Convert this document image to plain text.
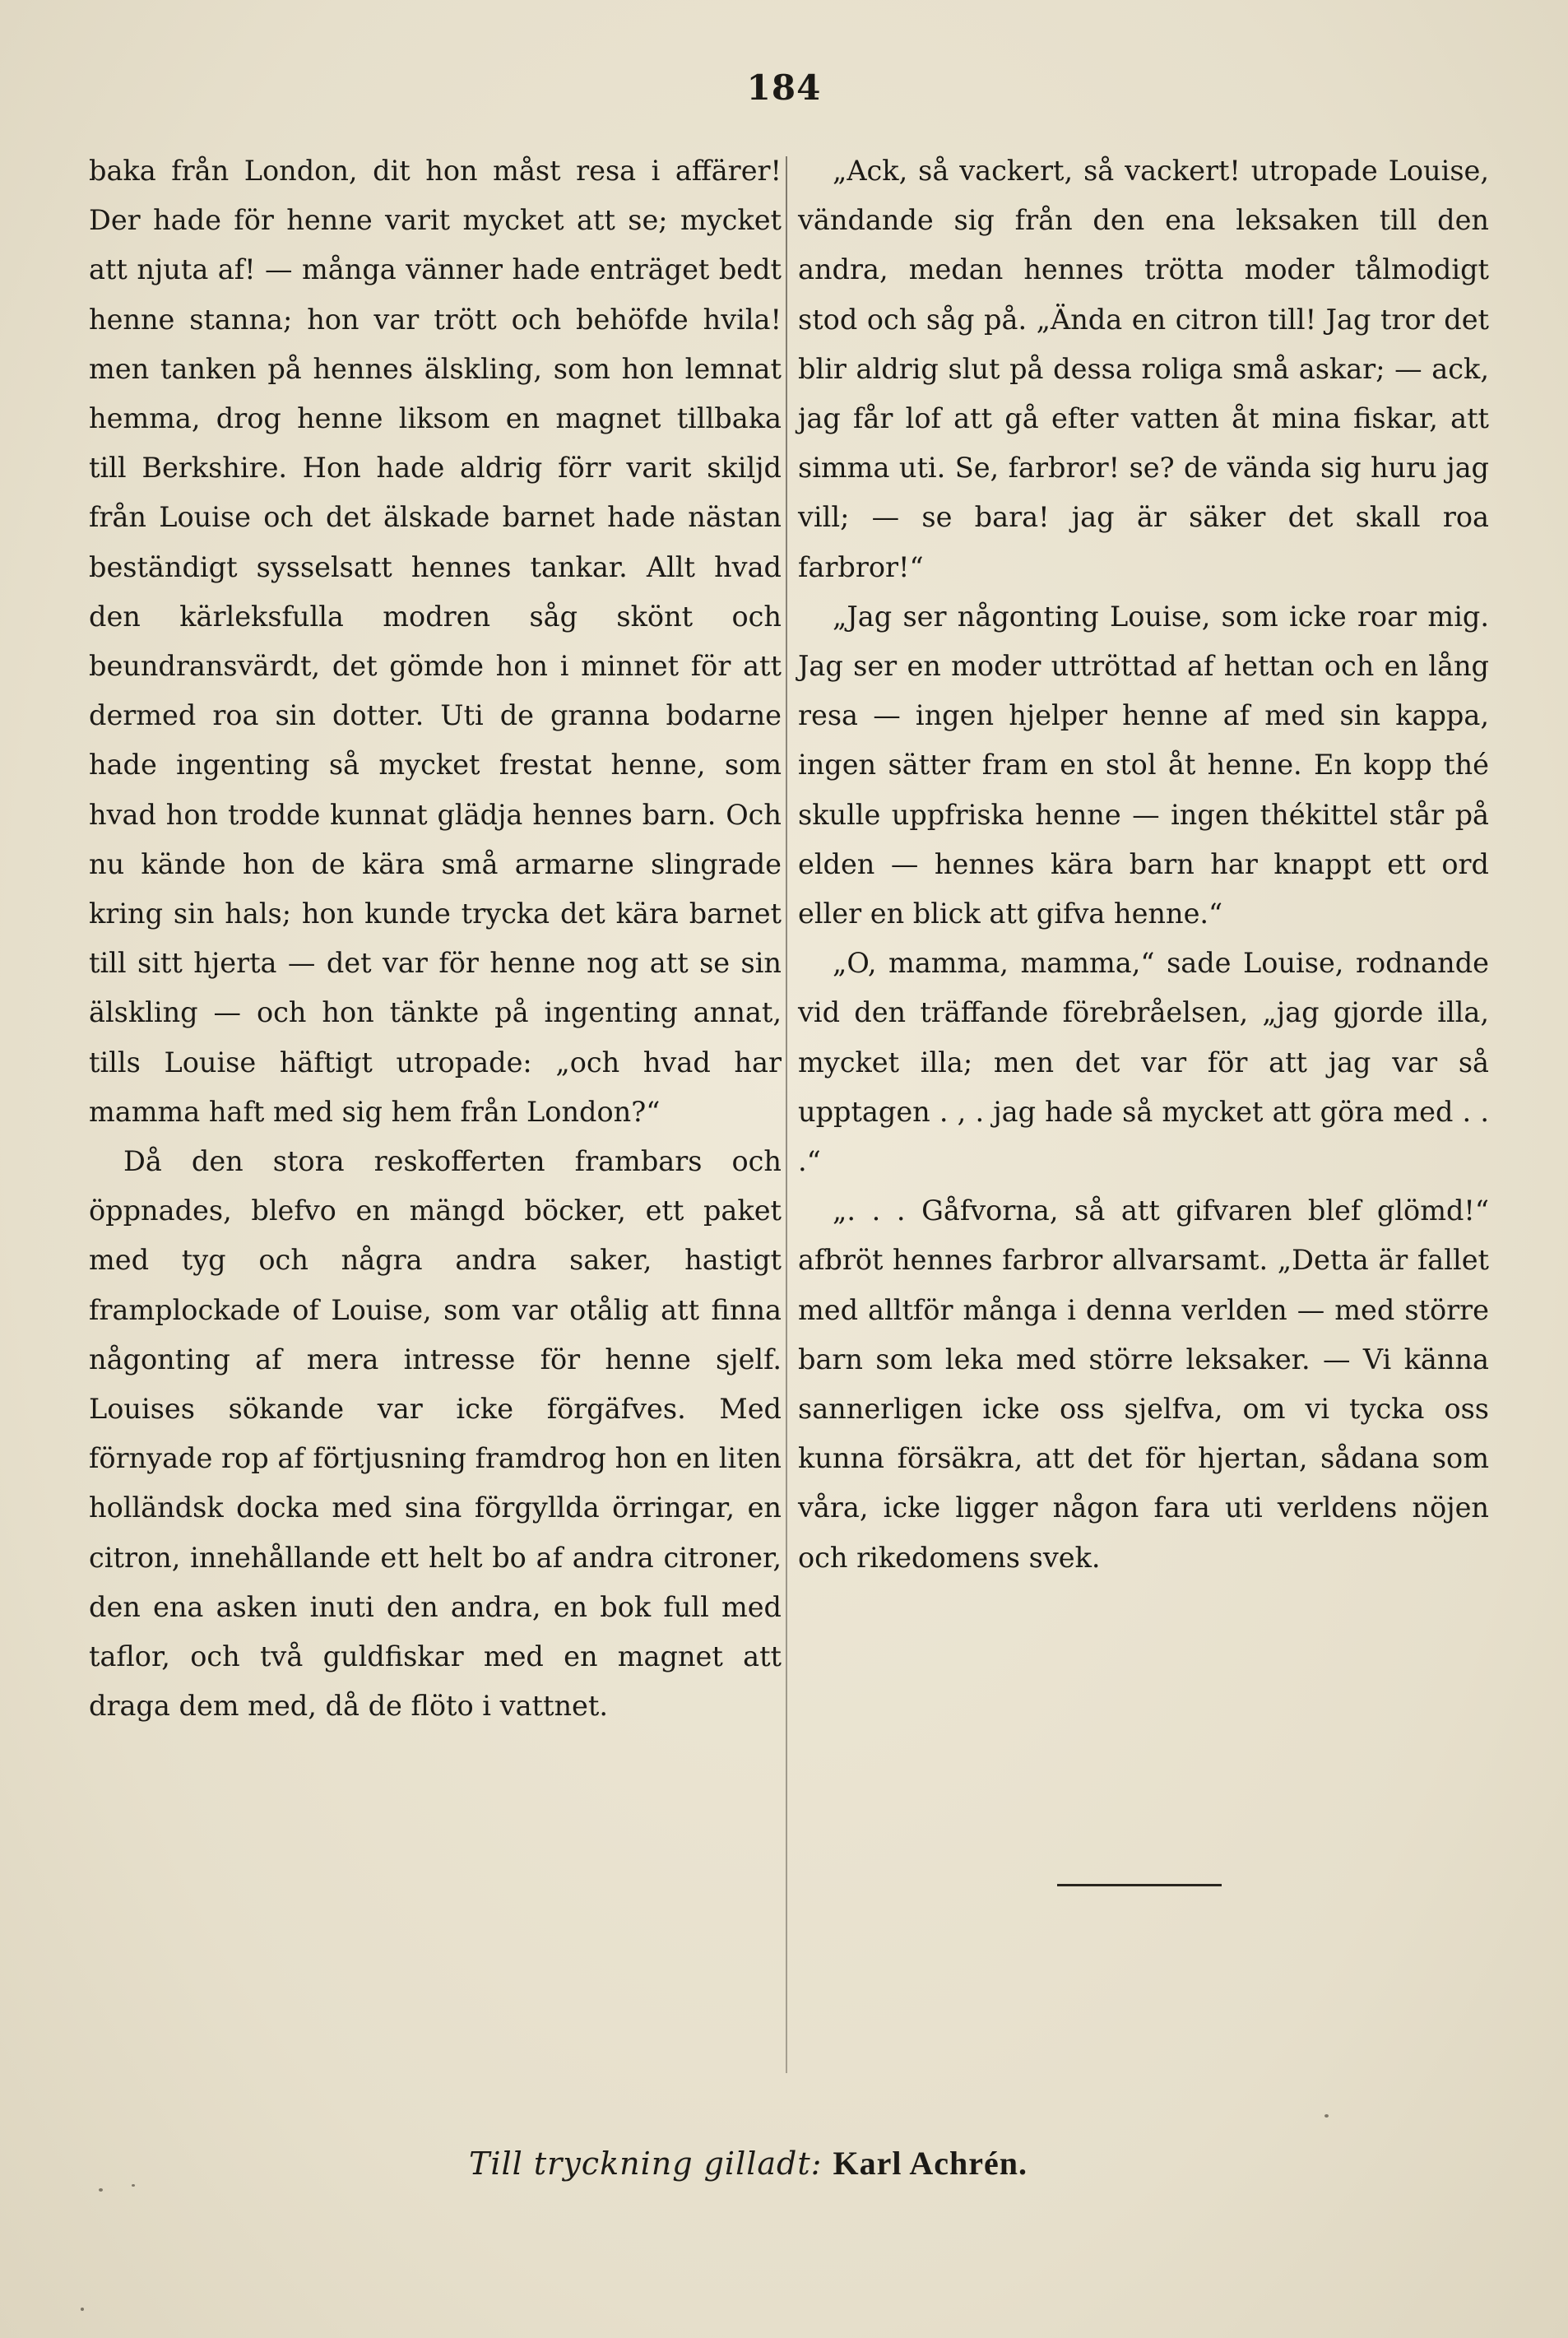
184

baka från London, dit hon måst resa i affärer! Der hade för henne varit mycket att se; mycket att njuta af! — många vänner hade enträget bedt henne stanna; hon var trött och behöfde hvila! men tanken på hennes älskling, som hon lemnat hemma, drog henne liksom en magnet tillbaka till Berkshire. Hon hade aldrig förr varit skiljd från Louise och det älskade barnet hade nästan beständigt sysselsatt hennes tankar. Allt hvad den kärleksfulla modren såg skönt och beundransvärdt, det gömde hon i minnet för att dermed roa sin dotter. Uti de granna bodarne hade ingenting så mycket frestat henne, som hvad hon trodde kunnat glädja hennes barn. Och nu kände hon de kära små armarne slingrade kring sin hals; hon kunde trycka det kära barnet till sitt hjerta — det var för henne nog att se sin älskling — och hon tänkte på ingenting annat, tills Louise häftigt utropade: „och hvad har mamma haft med sig hem från London?“

Då den stora reskofferten frambars och öppnades, blefvo en mängd böcker, ett paket med tyg och några andra saker, hastigt framplockade of Louise, som var otålig att finna någonting af mera intresse för henne sjelf. Louises sökande var icke förgäfves. Med förnyade rop af förtjusning framdrog hon en liten holländsk docka med sina förgyllda örringar, en citron, innehållande ett helt bo af andra citroner, den ena asken inuti den andra, en bok full med taflor, och två guldfiskar med en magnet att draga dem med, då de flöto i vattnet.

„Ack, så vackert, så vackert! utropade Louise, vändande sig från den ena leksaken till den andra, medan hennes trötta moder tålmodigt stod och såg på. „Ända en citron till! Jag tror det blir aldrig slut på dessa roliga små askar; — ack, jag får lof att gå efter vatten åt mina fiskar, att simma uti. Se, farbror! se? de vända sig huru jag vill; — se bara! jag är säker det skall roa farbror!“

„Jag ser någonting Louise, som icke roar mig. Jag ser en moder uttröttad af hettan och en lång resa — ingen hjelper henne af med sin kappa, ingen sätter fram en stol åt henne. En kopp thé skulle uppfriska henne — ingen thékittel står på elden — hennes kära barn har knappt ett ord eller en blick att gifva henne.“

„O, mamma, mamma,“ sade Louise, rodnande vid den träffande förebråelsen, „jag gjorde illa, mycket illa; men det var för att jag var så upptagen . , . jag hade så mycket att göra med . . .“

„. . . Gåfvorna, så att gifvaren blef glömd!“ afbröt hennes farbror allvarsamt. „Detta är fallet med alltför många i denna verlden — med större barn som leka med större leksaker. — Vi känna sannerligen icke oss sjelfva, om vi tycka oss kunna försäkra, att det för hjertan, sådana som våra, icke ligger någon fara uti verldens nöjen och rikedomens svek.

Till tryckning gilladt: Karl Achrén.
